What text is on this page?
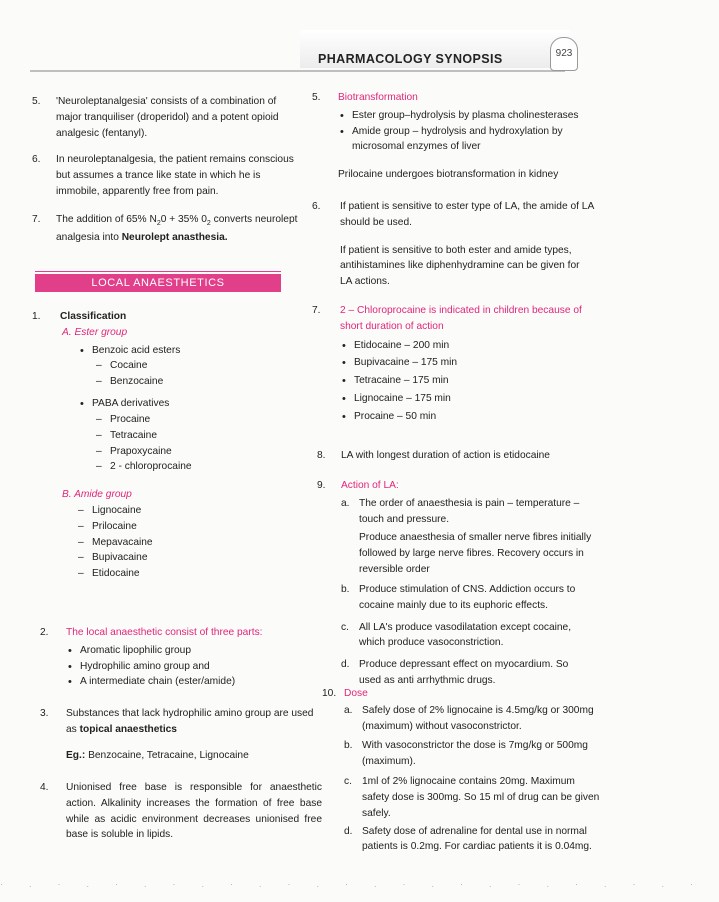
PHARMACOLOGY SYNOPSIS	923
5.	'Neuroleptanalgesia' consists of a combination of major tranquiliser (droperidol) and a potent opioid analgesic (fentanyl).
6.	In neuroleptanalgesia, the patient remains conscious but assumes a trance like state in which he is immobile, apparently free from pain.
7.	The addition of 65% $N_20 + 35\%$ $0_2$ converts neurolept analgesia into Neurolept anasthesia.
LOCAL ANAESTHETICS
1.	Classification
A. Ester group
• Benzoic acid esters
– Cocaine
– Benzocaine
• PABA derivatives
– Procaine
– Tetracaine
– Prapoxycaine
– 2 - chloroprocaine
B. Amide group
– Lignocaine
– Prilocaine
– Mepavacaine
– Bupivacaine
– Etidocaine
2.	The local anaesthetic consist of three parts:
• Aromatic lipophilic group
• Hydrophilic amino group and
• A intermediate chain (ester/amide)
3.	Substances that lack hydrophilic amino group are used as topical anaesthetics
Eg.: Benzocaine, Tetracaine, Lignocaine
4.	Unionised free base is responsible for anaesthetic action. Alkalinity increases the formation of free base while as acidic environment decreases unionised free base is soluble in lipids.
5.	Biotransformation
• Ester group–hydrolysis by plasma cholinesterases
• Amide group – hydrolysis and hydroxylation by microsomal enzymes of liver
Prilocaine undergoes biotransformation in kidney
6.	If patient is sensitive to ester type of LA, the amide of LA should be used.
If patient is sensitive to both ester and amide types, antihistamines like diphenhydramine can be given for LA actions.
7.	2 – Chloroprocaine is indicated in children because of short duration of action
• Etidocaine – 200 min
• Bupivacaine – 175 min
• Tetracaine – 175 min
• Lignocaine – 175 min
• Procaine – 50 min
8.	LA with longest duration of action is etidocaine
9.	Action of LA:
a. The order of anaesthesia is pain – temperature – touch and pressure.
Produce anaesthesia of smaller nerve fibres initially followed by large nerve fibres. Recovery occurs in reversible order
b. Produce stimulation of CNS. Addiction occurs to cocaine mainly due to its euphoric effects.
c. All LA's produce vasodilatation except cocaine, which produce vasoconstriction.
d. Produce depressant effect on myocardium. So used as anti arrhythmic drugs.
10. Dose
a. Safely dose of 2% lignocaine is 4.5mg/kg or 300mg (maximum) without vasoconstrictor.
b. With vasoconstrictor the dose is 7mg/kg or 500mg (maximum).
c. 1ml of 2% lignocaine contains 20mg. Maximum safety dose is 300mg. So 15 ml of drug can be given safely.
d. Safety dose of adrenaline for dental use in normal patients is 0.2mg. For cardiac patients it is 0.04mg.
·.·.·.·.·.·.·.·.·.·.·.·.·
